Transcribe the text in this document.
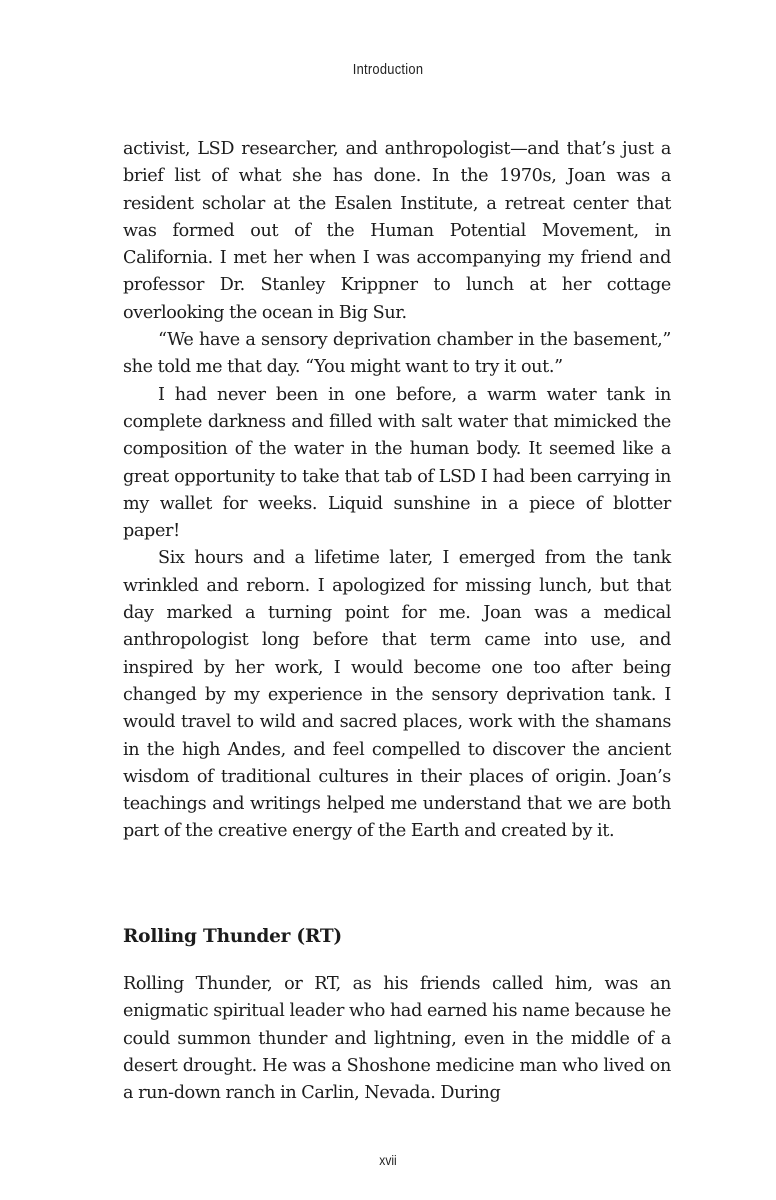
Introduction

activist, LSD researcher, and anthropologist—and that’s just a brief list of what she has done. In the 1970s, Joan was a resident scholar at the Esalen Institute, a retreat center that was formed out of the Human Potential Movement, in California. I met her when I was accompanying my friend and professor Dr. Stanley Krippner to lunch at her cottage overlooking the ocean in Big Sur.

“We have a sensory deprivation chamber in the basement,” she told me that day. “You might want to try it out.”

I had never been in one before, a warm water tank in complete darkness and filled with salt water that mimicked the composition of the water in the human body. It seemed like a great opportunity to take that tab of LSD I had been carrying in my wallet for weeks. Liquid sunshine in a piece of blotter paper!

Six hours and a lifetime later, I emerged from the tank wrinkled and reborn. I apologized for missing lunch, but that day marked a turning point for me. Joan was a medical anthropologist long before that term came into use, and inspired by her work, I would become one too after being changed by my experience in the sensory deprivation tank. I would travel to wild and sacred places, work with the shamans in the high Andes, and feel compelled to discover the ancient wisdom of traditional cultures in their places of origin. Joan’s teachings and writings helped me understand that we are both part of the creative energy of the Earth and created by it.

Rolling Thunder (RT)

Rolling Thunder, or RT, as his friends called him, was an enigmatic spiritual leader who had earned his name because he could summon thunder and lightning, even in the middle of a desert drought. He was a Shoshone medicine man who lived on a run-down ranch in Carlin, Nevada. During

xvii
